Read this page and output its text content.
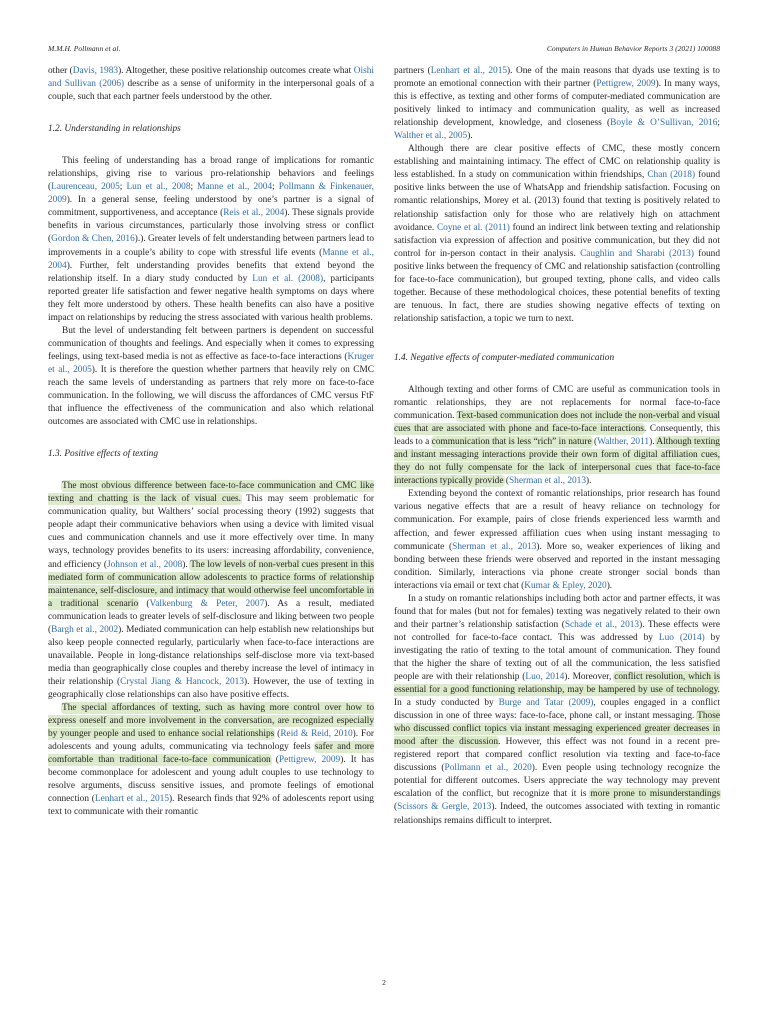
M.M.H. Pollmann et al.	Computers in Human Behavior Reports 3 (2021) 100088

other (Davis, 1983). Altogether, these positive relationship outcomes create what Oishi and Sullivan (2006) describe as a sense of uniformity in the interpersonal goals of a couple, such that each partner feels understood by the other.

1.2. Understanding in relationships

This feeling of understanding has a broad range of implications for romantic relationships, giving rise to various pro-relationship behaviors and feelings (Laurenceau, 2005; Lun et al., 2008; Manne et al., 2004; Pollmann & Finkenauer, 2009). In a general sense, feeling understood by one’s partner is a signal of commitment, supportiveness, and acceptance (Reis et al., 2004). These signals provide benefits in various circumstances, particularly those involving stress or conflict (Gordon & Chen, 2016).). Greater levels of felt understanding between partners lead to improvements in a couple’s ability to cope with stressful life events (Manne et al., 2004). Further, felt understanding provides benefits that extend beyond the relationship itself. In a diary study conducted by Lun et al. (2008), participants reported greater life satisfaction and fewer negative health symptoms on days where they felt more understood by others. These health benefits can also have a positive impact on relationships by reducing the stress associated with various health problems.

But the level of understanding felt between partners is dependent on successful communication of thoughts and feelings. And especially when it comes to expressing feelings, using text-based media is not as effective as face-to-face interactions (Kruger et al., 2005). It is therefore the question whether partners that heavily rely on CMC reach the same levels of understanding as partners that rely more on face-to-face communication. In the following, we will discuss the affordances of CMC versus FtF that influence the effectiveness of the communication and also which relational outcomes are associated with CMC use in relationships.

1.3. Positive effects of texting

The most obvious difference between face-to-face communication and CMC like texting and chatting is the lack of visual cues. This may seem problematic for communication quality, but Walthers’ social processing theory (1992) suggests that people adapt their communicative behaviors when using a device with limited visual cues and communication channels and use it more effectively over time. In many ways, technology provides benefits to its users: increasing affordability, convenience, and efficiency (Johnson et al., 2008). The low levels of non-verbal cues present in this mediated form of communication allow adolescents to practice forms of relationship maintenance, self-disclosure, and intimacy that would otherwise feel uncomfortable in a traditional scenario (Valkenburg & Peter, 2007). As a result, mediated communication leads to greater levels of self-disclosure and liking between two people (Bargh et al., 2002). Mediated communication can help establish new relationships but also keep people connected regularly, particularly when face-to-face interactions are unavailable. People in long-distance relationships self-disclose more via text-based media than geographically close couples and thereby increase the level of intimacy in their relationship (Crystal Jiang & Hancock, 2013). However, the use of texting in geographically close relationships can also have positive effects.

The special affordances of texting, such as having more control over how to express oneself and more involvement in the conversation, are recognized especially by younger people and used to enhance social relationships (Reid & Reid, 2010). For adolescents and young adults, communicating via technology feels safer and more comfortable than traditional face-to-face communication (Pettigrew, 2009). It has become commonplace for adolescent and young adult couples to use technology to resolve arguments, discuss sensitive issues, and promote feelings of emotional connection (Lenhart et al., 2015). Research finds that 92% of adolescents report using text to communicate with their romantic

partners (Lenhart et al., 2015). One of the main reasons that dyads use texting is to promote an emotional connection with their partner (Pettigrew, 2009). In many ways, this is effective, as texting and other forms of computer-mediated communication are positively linked to intimacy and communication quality, as well as increased relationship development, knowledge, and closeness (Boyle & O’Sullivan, 2016; Walther et al., 2005).

Although there are clear positive effects of CMC, these mostly concern establishing and maintaining intimacy. The effect of CMC on relationship quality is less established. In a study on communication within friendships, Chan (2018) found positive links between the use of WhatsApp and friendship satisfaction. Focusing on romantic relationships, Morey et al. (2013) found that texting is positively related to relationship satisfaction only for those who are relatively high on attachment avoidance. Coyne et al. (2011) found an indirect link between texting and relationship satisfaction via expression of affection and positive communication, but they did not control for in-person contact in their analysis. Caughlin and Sharabi (2013) found positive links between the frequency of CMC and relationship satisfaction (controlling for face-to-face communication), but grouped texting, phone calls, and video calls together. Because of these methodological choices, these potential benefits of texting are tenuous. In fact, there are studies showing negative effects of texting on relationship satisfaction, a topic we turn to next.

1.4. Negative effects of computer-mediated communication

Although texting and other forms of CMC are useful as communication tools in romantic relationships, they are not replacements for normal face-to-face communication. Text-based communication does not include the non-verbal and visual cues that are associated with phone and face-to-face interactions. Consequently, this leads to a communication that is less “rich” in nature (Walther, 2011). Although texting and instant messaging interactions provide their own form of digital affiliation cues, they do not fully compensate for the lack of interpersonal cues that face-to-face interactions typically provide (Sherman et al., 2013).

Extending beyond the context of romantic relationships, prior research has found various negative effects that are a result of heavy reliance on technology for communication. For example, pairs of close friends experienced less warmth and affection, and fewer expressed affiliation cues when using instant messaging to communicate (Sherman et al., 2013). More so, weaker experiences of liking and bonding between these friends were observed and reported in the instant messaging condition. Similarly, interactions via phone create stronger social bonds than interactions via email or text chat (Kumar & Epley, 2020).

In a study on romantic relationships including both actor and partner effects, it was found that for males (but not for females) texting was negatively related to their own and their partner’s relationship satisfaction (Schade et al., 2013). These effects were not controlled for face-to-face contact. This was addressed by Luo (2014) by investigating the ratio of texting to the total amount of communication. They found that the higher the share of texting out of all the communication, the less satisfied people are with their relationship (Luo, 2014). Moreover, conflict resolution, which is essential for a good functioning relationship, may be hampered by use of technology. In a study conducted by Burge and Tatar (2009), couples engaged in a conflict discussion in one of three ways: face-to-face, phone call, or instant messaging. Those who discussed conflict topics via instant messaging experienced greater decreases in mood after the discussion. However, this effect was not found in a recent pre-registered report that compared conflict resolution via texting and face-to-face discussions (Pollmann et al., 2020). Even people using technology recognize the potential for different outcomes. Users appreciate the way technology may prevent escalation of the conflict, but recognize that it is more prone to misunderstandings (Scissors & Gergle, 2013). Indeed, the outcomes associated with texting in romantic relationships remains difficult to interpret.

2
